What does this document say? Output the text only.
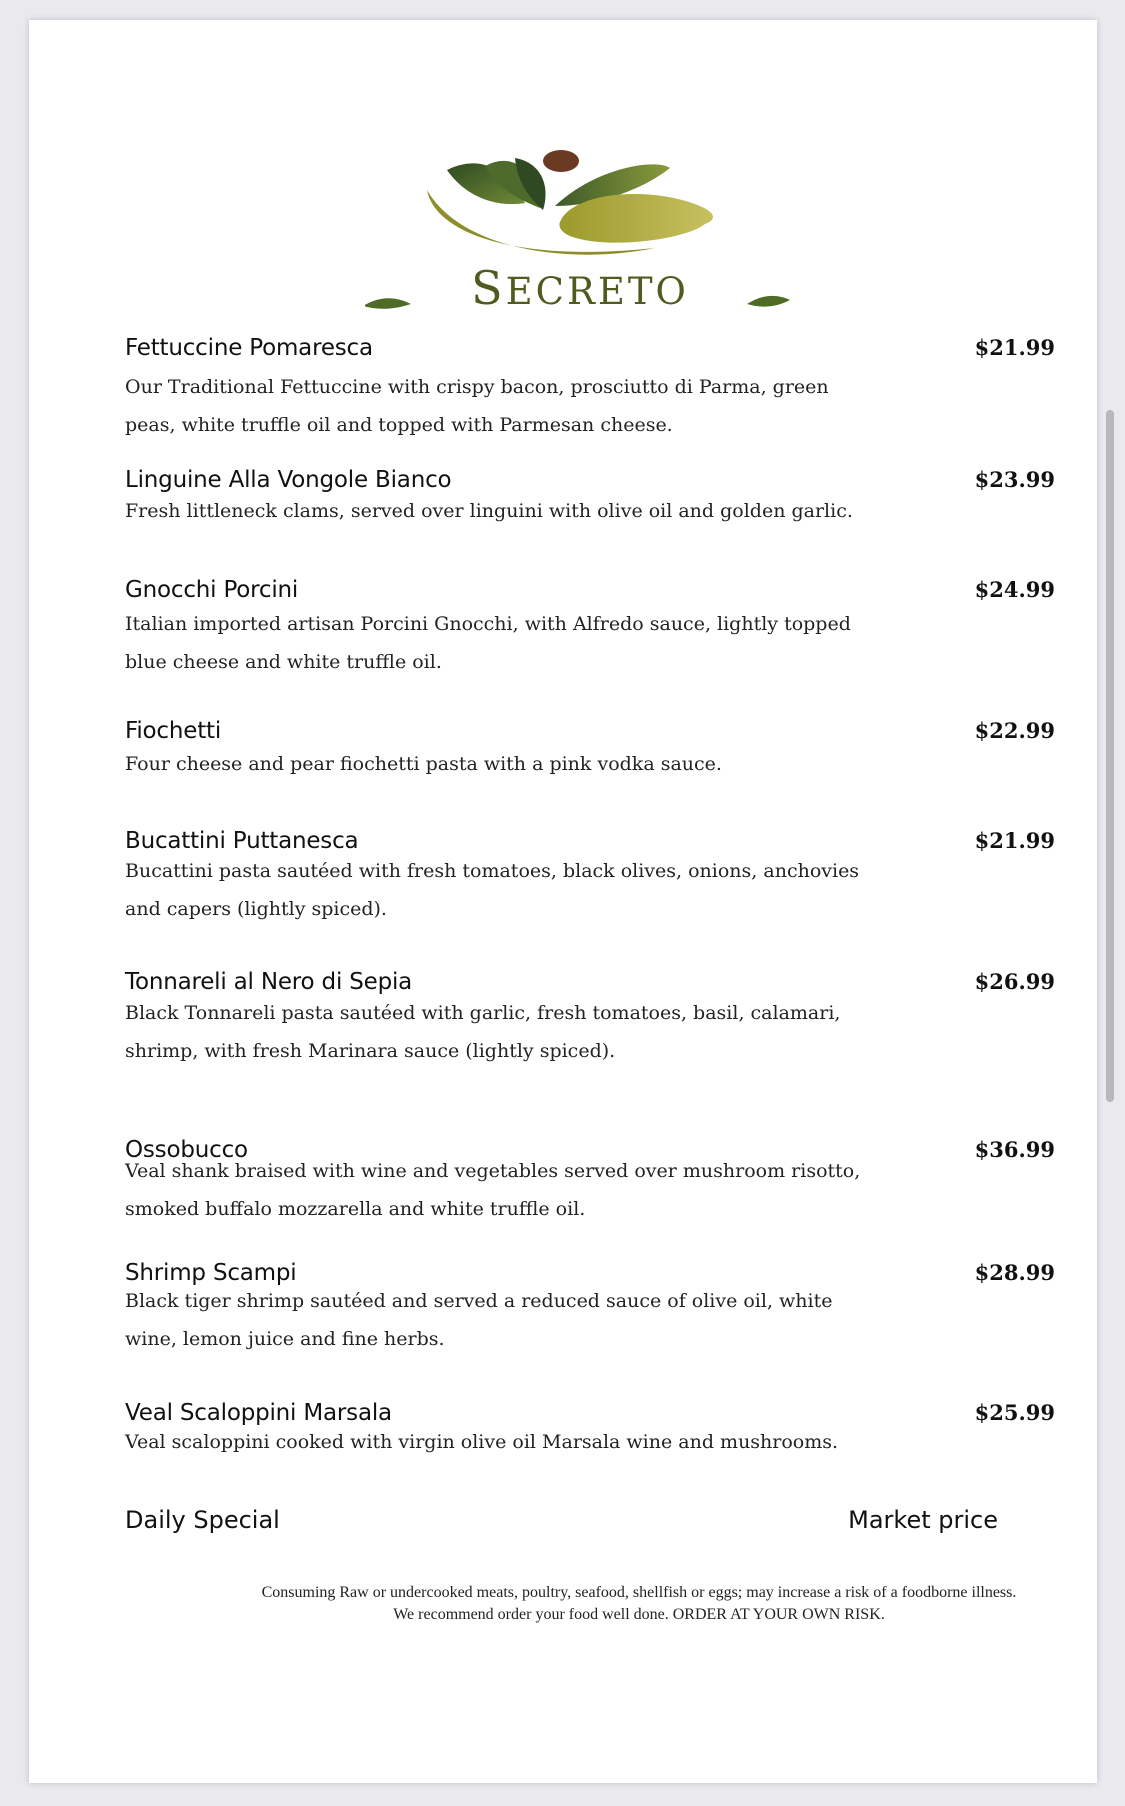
SECRETO
Fettuccine Pomaresca	$21.99
Our Traditional Fettuccine with crispy bacon, prosciutto di Parma, green peas, white truffle oil and topped with Parmesan cheese.
Linguine Alla Vongole Bianco	$23.99
Fresh littleneck clams, served over linguini with olive oil and golden garlic.
Gnocchi Porcini	$24.99
Italian imported artisan Porcini Gnocchi, with Alfredo sauce, lightly topped blue cheese and white truffle oil.
Fiochetti	$22.99
Four cheese and pear fiochetti pasta with a pink vodka sauce.
Bucattini Puttanesca	$21.99
Bucattini pasta sautéed with fresh tomatoes, black olives, onions, anchovies and capers (lightly spiced).
Tonnareli al Nero di Sepia	$26.99
Black Tonnareli pasta sautéed with garlic, fresh tomatoes, basil, calamari, shrimp, with fresh Marinara sauce (lightly spiced).
Ossobucco	$36.99
Veal shank braised with wine and vegetables served over mushroom risotto, smoked buffalo mozzarella and white truffle oil.
Shrimp Scampi	$28.99
Black tiger shrimp sautéed and served a reduced sauce of olive oil, white wine, lemon juice and fine herbs.
Veal Scaloppini Marsala	$25.99
Veal scaloppini cooked with virgin olive oil Marsala wine and mushrooms.
Daily Special	Market price
Consuming Raw or undercooked meats, poultry, seafood, shellfish or eggs; may increase a risk of a foodborne illness.
We recommend order your food well done. ORDER AT YOUR OWN RISK.
